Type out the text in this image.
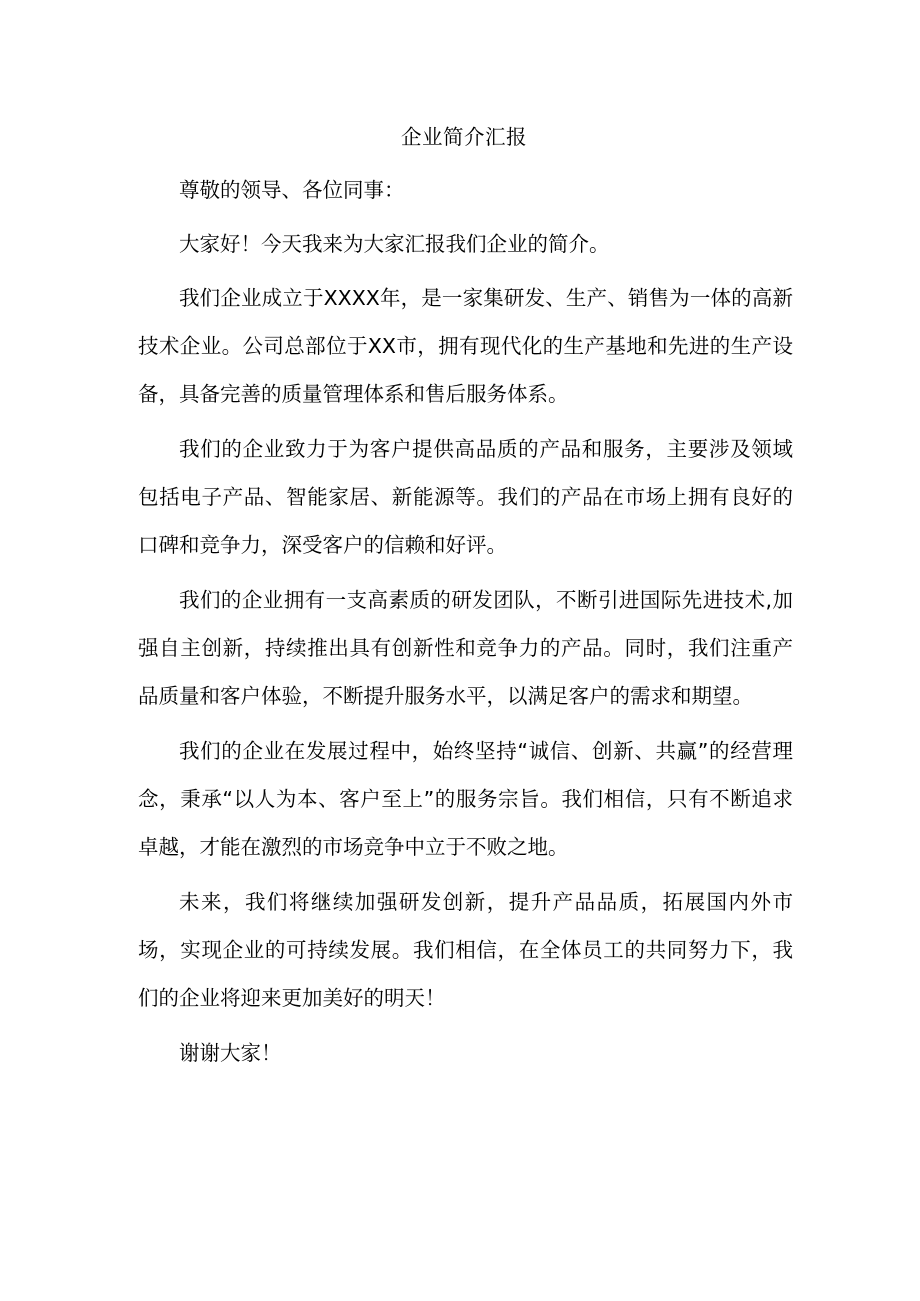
企业简介汇报

尊敬的领导、各位同事：

大家好！今天我来为大家汇报我们企业的简介。

我们企业成立于XXXX年，是一家集研发、生产、销售为一体的高新技术企业。公司总部位于XX市，拥有现代化的生产基地和先进的生产设备，具备完善的质量管理体系和售后服务体系。

我们的企业致力于为客户提供高品质的产品和服务，主要涉及领域包括电子产品、智能家居、新能源等。我们的产品在市场上拥有良好的口碑和竞争力，深受客户的信赖和好评。

我们的企业拥有一支高素质的研发团队，不断引进国际先进技术,加强自主创新，持续推出具有创新性和竞争力的产品。同时，我们注重产品质量和客户体验，不断提升服务水平，以满足客户的需求和期望。

我们的企业在发展过程中，始终坚持“诚信、创新、共赢”的经营理念，秉承“以人为本、客户至上”的服务宗旨。我们相信，只有不断追求卓越，才能在激烈的市场竞争中立于不败之地。

未来，我们将继续加强研发创新，提升产品品质，拓展国内外市场，实现企业的可持续发展。我们相信，在全体员工的共同努力下，我们的企业将迎来更加美好的明天！

谢谢大家！
